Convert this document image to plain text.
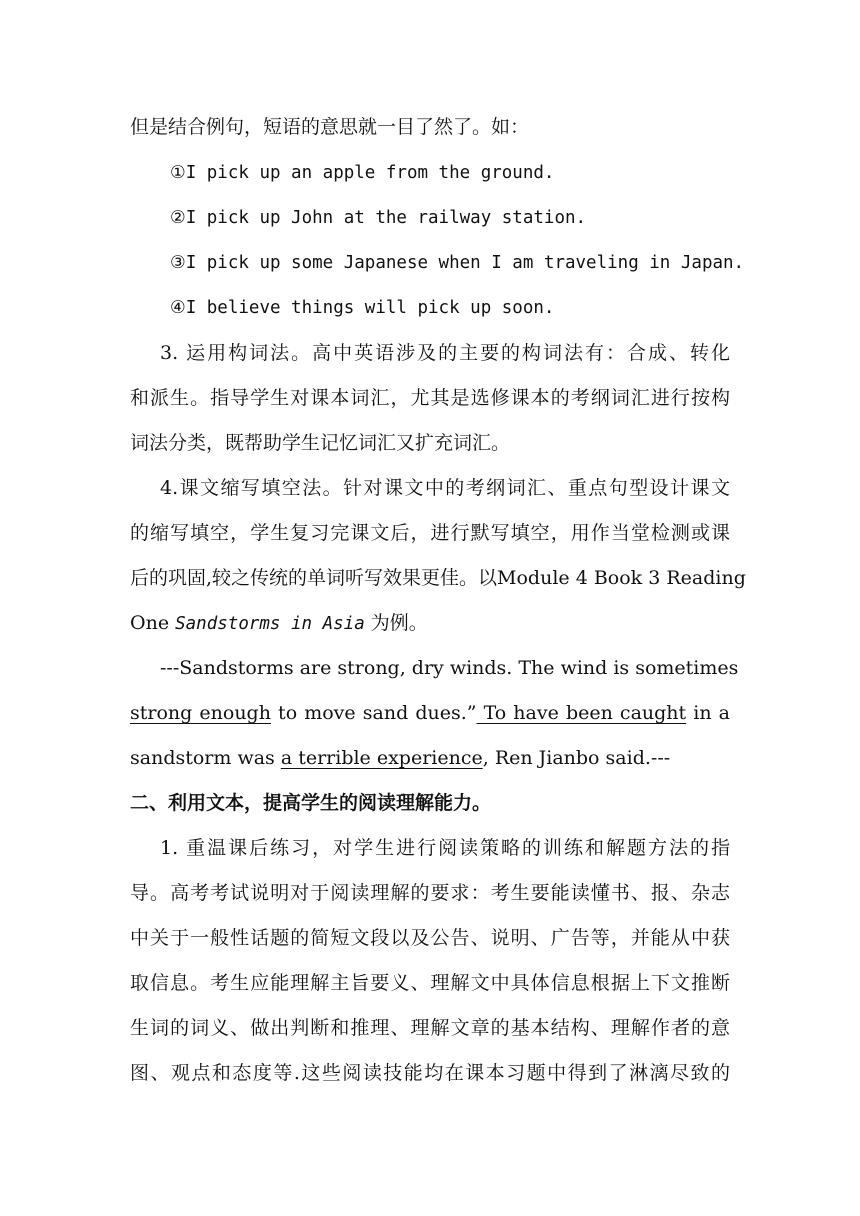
但是结合例句，短语的意思就一目了然了。如：
①I pick up an apple from the ground.
②I pick up John at the railway station.
③I pick up some Japanese when I am traveling in Japan.
④I believe things will pick up soon.
3. 运用构词法。高中英语涉及的主要的构词法有：合成、转化
和派生。指导学生对课本词汇，尤其是选修课本的考纲词汇进行按构
词法分类，既帮助学生记忆词汇又扩充词汇。
4.课文缩写填空法。针对课文中的考纲词汇、重点句型设计课文
的缩写填空，学生复习完课文后，进行默写填空，用作当堂检测或课
后的巩固,较之传统的单词听写效果更佳。以Module 4 Book 3 Reading
One Sandstorms in Asia 为例。
---Sandstorms are strong, dry winds. The wind is sometimes
strong enough to move sand dues.” To have been caught in a
sandstorm was a terrible experience, Ren Jianbo said.---
二、利用文本，提高学生的阅读理解能力。
1. 重温课后练习，对学生进行阅读策略的训练和解题方法的指
导。高考考试说明对于阅读理解的要求：考生要能读懂书、报、杂志
中关于一般性话题的简短文段以及公告、说明、广告等，并能从中获
取信息。考生应能理解主旨要义、理解文中具体信息根据上下文推断
生词的词义、做出判断和推理、理解文章的基本结构、理解作者的意
图、观点和态度等.这些阅读技能均在课本习题中得到了淋漓尽致的
